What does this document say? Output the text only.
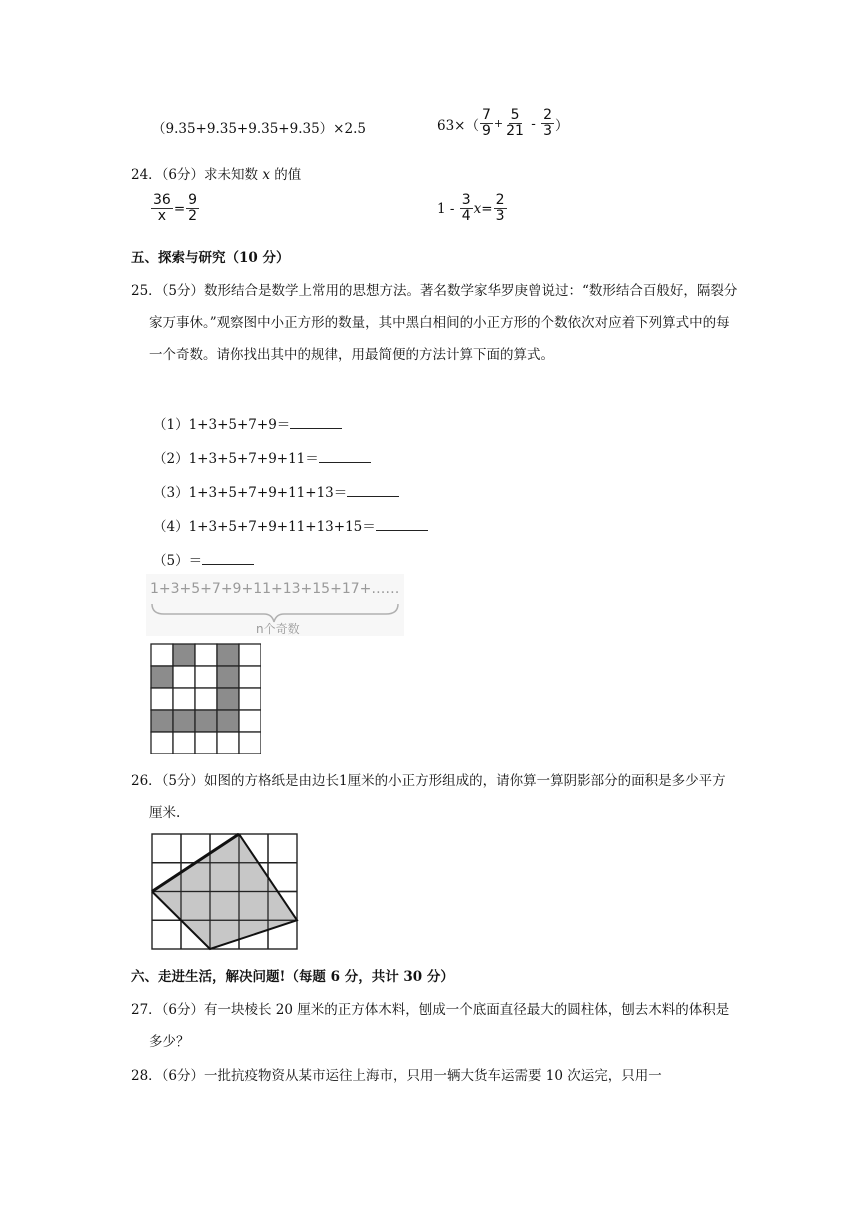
（9.35+9.35+9.35+9.35）×2.5	$63\times( \frac{7}{9} + \frac{5}{21} - \frac{2}{3}$ ）
24．（6分）求未知数 x 的值
$\frac{36}{x} = \frac{9}{2}$	$1 - \frac{3}{4}$ $x = \frac{2}{3}$
五、探索与研究（10 分）
25．（5分）数形结合是数学上常用的思想方法。著名数学家华罗庚曾说过：“数形结合百般好，隔裂分家万事休。”观察图中小正方形的数量，其中黑白相间的小正方形的个数依次对应着下列算式中的每一个奇数。请你找出其中的规律，用最简便的方法计算下面的算式。
（1）1+3+5+7+9＝
（2）1+3+5+7+9+11＝
（3）1+3+5+7+9+11+13＝
（4）1+3+5+7+9+11+13+15＝
（5）＝
1+3+5+7+9+11+13+15+17+……
n个奇数
26．（5分）如图的方格纸是由边长1厘米的小正方形组成的，请你算一算阴影部分的面积是多少平方厘米.
六、走进生活，解决问题!（每题 6 分，共计 30 分）
27．（6分）有一块棱长 20 厘米的正方体木料，刨成一个底面直径最大的圆柱体，刨去木料的体积是多少？
28．（6分）一批抗疫物资从某市运往上海市，只用一辆大货车运需要 10 次运完，只用一
